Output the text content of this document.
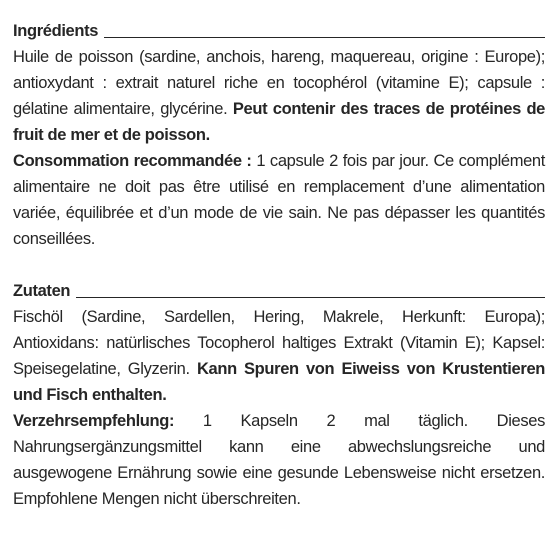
Ingrédients

Huile de poisson (sardine, anchois, hareng, maquereau, origine : Europe); antioxydant : extrait naturel riche en tocophérol (vitamine E); capsule : gélatine alimentaire, glycérine. Peut contenir des traces de protéines de fruit de mer et de poisson.

Consommation recommandée : 1 capsule 2 fois par jour. Ce complément alimentaire ne doit pas être utilisé en remplacement d’une alimentation variée, équilibrée et d’un mode de vie sain. Ne pas dépasser les quantités conseillées.

Zutaten

Fischöl (Sardine, Sardellen, Hering, Makrele, Herkunft: Europa); Antioxidans: natürlisches Tocopherol haltiges Extrakt (Vitamin E); Kapsel: Speisegelatine, Glyzerin. Kann Spuren von Eiweiss von Krustentieren und Fisch enthalten.

Verzehrsempfehlung: 1 Kapseln 2 mal täglich. Dieses Nahrungsergänzungsmittel kann eine abwechslungsreiche und ausgewogene Ernährung sowie eine gesunde Lebensweise nicht ersetzen. Empfohlene Mengen nicht überschreiten.
